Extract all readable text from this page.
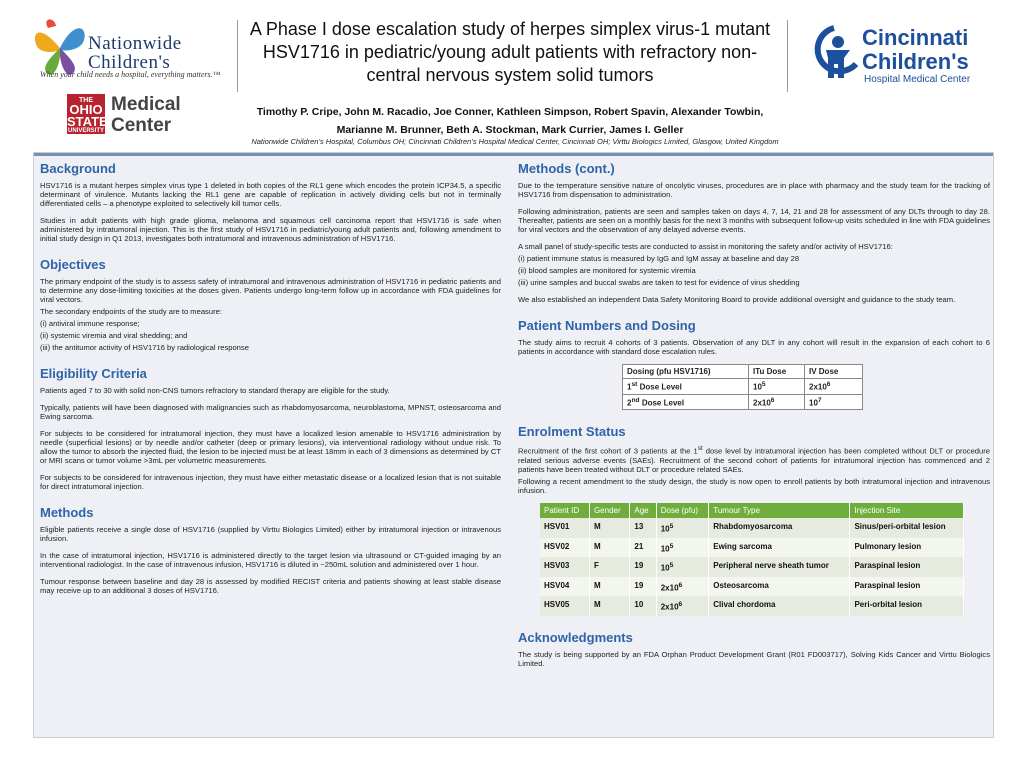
Nationwide
Children's
When your child needs a hospital, everything matters.™
THE
OHIO STATE
UNIVERSITY
Medical
Center
A Phase I dose escalation study of herpes simplex virus-1 mutant HSV1716 in pediatric/young adult patients with refractory non-central nervous system solid tumors
Timothy P. Cripe, John M. Racadio, Joe Conner, Kathleen Simpson, Robert Spavin, Alexander Towbin,
Marianne M. Brunner, Beth A. Stockman, Mark Currier, James I. Geller
Nationwide Children’s Hospital, Columbus OH; Cincinnati Children’s Hospital Medical Center, Cincinnati OH; Virttu Biologics Limited, Glasgow, United Kingdom
Cincinnati
Children's
Hospital Medical Center
Background

HSV1716 is a mutant herpes simplex virus type 1 deleted in both copies of the RL1 gene which encodes the protein ICP34.5, a specific determinant of virulence. Mutants lacking the RL1 gene are capable of replication in actively dividing cells but not in terminally differentiated cells – a phenotype exploited to selectively kill tumor cells.

Studies in adult patients with high grade glioma, melanoma and squamous cell carcinoma report that HSV1716 is safe when administered by intratumoral injection. This is the first study of HSV1716 in pediatric/young adult patients and, following amendment to initial study design in Q1 2013, investigates both intratumoral and intravenous administration of HSV1716.

Objectives

The primary endpoint of the study is to assess safety of intratumoral and intravenous administration of HSV1716 in pediatric patients and to determine any dose-limiting toxicities at the doses given. Patients undergo long-term follow up in accordance with FDA guidelines for viral vectors.

The secondary endpoints of the study are to measure:

(i) antiviral immune response;

(ii) systemic viremia and viral shedding; and

(iii) the antitumor activity of HSV1716 by radiological response

Eligibility Criteria

Patients aged 7 to 30 with solid non-CNS tumors refractory to standard therapy are eligible for the study.

Typically, patients will have been diagnosed with malignancies such as rhabdomyosarcoma, neuroblastoma, MPNST, osteosarcoma and Ewing sarcoma.

For subjects to be considered for intratumoral injection, they must have a localized lesion amenable to HSV1716 administration by needle (superficial lesions) or by needle and/or catheter (deep or primary lesions), via interventional radiology without undue risk. To allow the tumor to absorb the injected fluid, the lesion to be injected must be at least 18mm in each of 3 dimensions as determined by CT or MRI scans or tumor volume >3mL per volumetric measurements.

For subjects to be considered for intravenous injection, they must have either metastatic disease or a localized lesion that is not suitable for direct intratumoral injection.

Methods

Eligible patients receive a single dose of HSV1716 (supplied by Virttu Biologics Limited) either by intratumoral injection or intravenous infusion.

In the case of intratumoral injection, HSV1716 is administered directly to the target lesion via ultrasound or CT-guided imaging by an interventional radiologist. In the case of intravenous infusion, HSV1716 is diluted in ~250mL solution and administered over 1 hour.

Tumour response between baseline and day 28 is assessed by modified RECIST criteria and patients showing at least stable disease may receive up to an additional 3 doses of HSV1716.

Methods (cont.)

Due to the temperature sensitive nature of oncolytic viruses, procedures are in place with pharmacy and the study team for the tracking of HSV1716 from dispensation to administration.

Following administration, patients are seen and samples taken on days 4, 7, 14, 21 and 28 for assessment of any DLTs through to day 28. Thereafter, patients are seen on a monthly basis for the next 3 months with subsequent follow-up visits scheduled in line with FDA guidelines for viral vectors and the observation of any delayed adverse events.

A small panel of study-specific tests are conducted to assist in monitoring the safety and/or activity of HSV1716:

(i) patient immune status is measured by IgG and IgM assay at baseline and day 28

(ii) blood samples are monitored for systemic viremia

(iii) urine samples and buccal swabs are taken to test for evidence of virus shedding

We also established an independent Data Safety Monitoring Board to provide additional oversight and guidance to the study team.

Patient Numbers and Dosing

The study aims to recruit 4 cohorts of 3 patients. Observation of any DLT in any cohort will result in the expansion of each cohort to 6 patients in accordance with standard dose escalation rules.

Dosing (pfu HSV1716)	ITu Dose	IV Dose
1st Dose Level	$10^5$	$2x10^6$
2nd Dose Level	$2x10^6$	$10^7$
Enrolment Status

Recruitment of the first cohort of 3 patients at the 1st dose level by intratumoral injection has been completed without DLT or procedure related serious adverse events (SAEs). Recruitment of the second cohort of patients for intratumoral injection has commenced and 2 patients have been treated without DLT or procedure related SAEs.

Following a recent amendment to the study design, the study is now open to enroll patients by both intratumoral injection and intravenous infusion.

Patient ID	Gender	Age	Dose (pfu)	Tumour Type	Injection Site
HSV01	M	13	$10^5$	Rhabdomyosarcoma	Sinus/peri-orbital lesion
HSV02	M	21	$10^5$	Ewing sarcoma	Pulmonary lesion
HSV03	F	19	$10^5$	Peripheral nerve sheath tumor	Paraspinal lesion
HSV04	M	19	$2x10^6$	Osteosarcoma	Paraspinal lesion
HSV05	M	10	$2x10^6$	Clival chordoma	Peri-orbital lesion
Acknowledgments

The study is being supported by an FDA Orphan Product Development Grant (R01 FD003717), Solving Kids Cancer and Virttu Biologics Limited.
